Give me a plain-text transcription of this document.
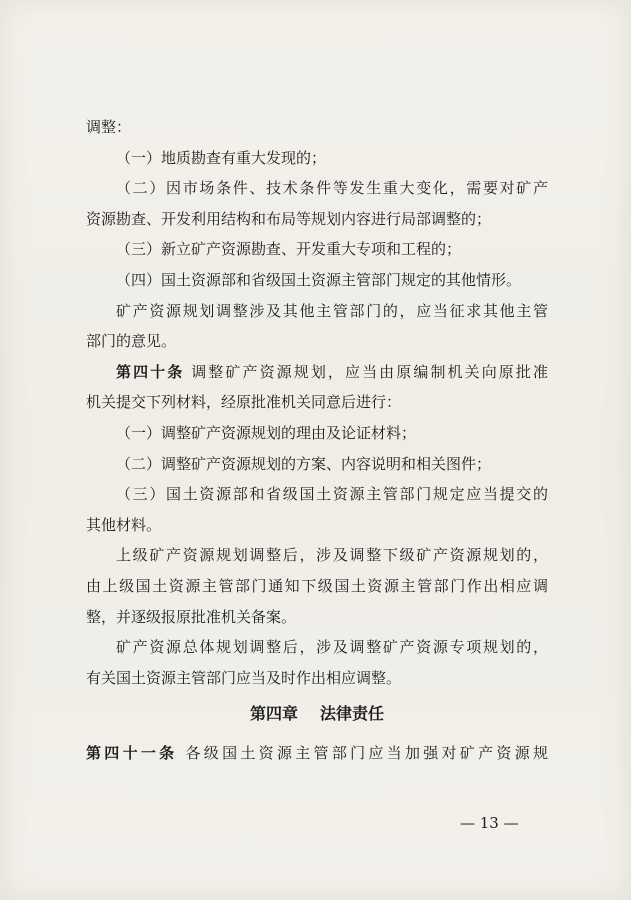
调整：
（一）地质勘查有重大发现的；
（二）因市场条件、技术条件等发生重大变化，需要对矿产
资源勘查、开发利用结构和布局等规划内容进行局部调整的；
（三）新立矿产资源勘查、开发重大专项和工程的；
（四）国土资源部和省级国土资源主管部门规定的其他情形。
矿产资源规划调整涉及其他主管部门的，应当征求其他主管
部门的意见。
第四十条 调整矿产资源规划，应当由原编制机关向原批准
机关提交下列材料，经原批准机关同意后进行：
（一）调整矿产资源规划的理由及论证材料；
（二）调整矿产资源规划的方案、内容说明和相关图件；
（三）国土资源部和省级国土资源主管部门规定应当提交的
其他材料。
上级矿产资源规划调整后，涉及调整下级矿产资源规划的，
由上级国土资源主管部门通知下级国土资源主管部门作出相应调
整，并逐级报原批准机关备案。
矿产资源总体规划调整后，涉及调整矿产资源专项规划的，
有关国土资源主管部门应当及时作出相应调整。
第四章 法律责任
第四十一条 各级国土资源主管部门应当加强对矿产资源规
— 13 —
